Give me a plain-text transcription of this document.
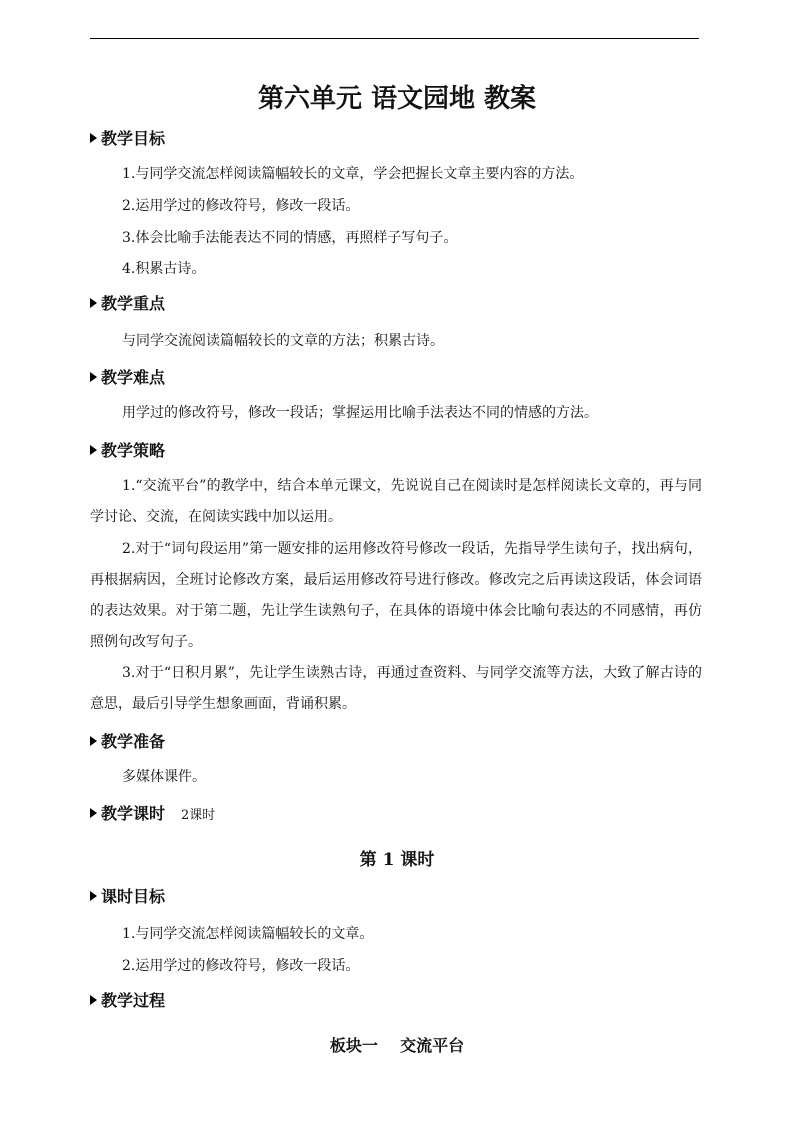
第六单元 语文园地 教案
教学目标
1.与同学交流怎样阅读篇幅较长的文章，学会把握长文章主要内容的方法。
2.运用学过的修改符号，修改一段话。
3.体会比喻手法能表达不同的情感，再照样子写句子。
4.积累古诗。
教学重点
与同学交流阅读篇幅较长的文章的方法；积累古诗。
教学难点
用学过的修改符号，修改一段话；掌握运用比喻手法表达不同的情感的方法。
教学策略
1.“交流平台”的教学中，结合本单元课文，先说说自己在阅读时是怎样阅读长文章的，再与同学讨论、交流，在阅读实践中加以运用。
2.对于“词句段运用”第一题安排的运用修改符号修改一段话，先指导学生读句子，找出病句，再根据病因，全班讨论修改方案，最后运用修改符号进行修改。修改完之后再读这段话，体会词语的表达效果。对于第二题，先让学生读熟句子，在具体的语境中体会比喻句表达的不同感情，再仿照例句改写句子。
3.对于“日积月累”，先让学生读熟古诗，再通过查资料、与同学交流等方法，大致了解古诗的意思，最后引导学生想象画面，背诵积累。
教学准备
多媒体课件。
教学课时 2课时
第 1 课时
课时目标
1.与同学交流怎样阅读篇幅较长的文章。
2.运用学过的修改符号，修改一段话。
教学过程
板块一    交流平台
